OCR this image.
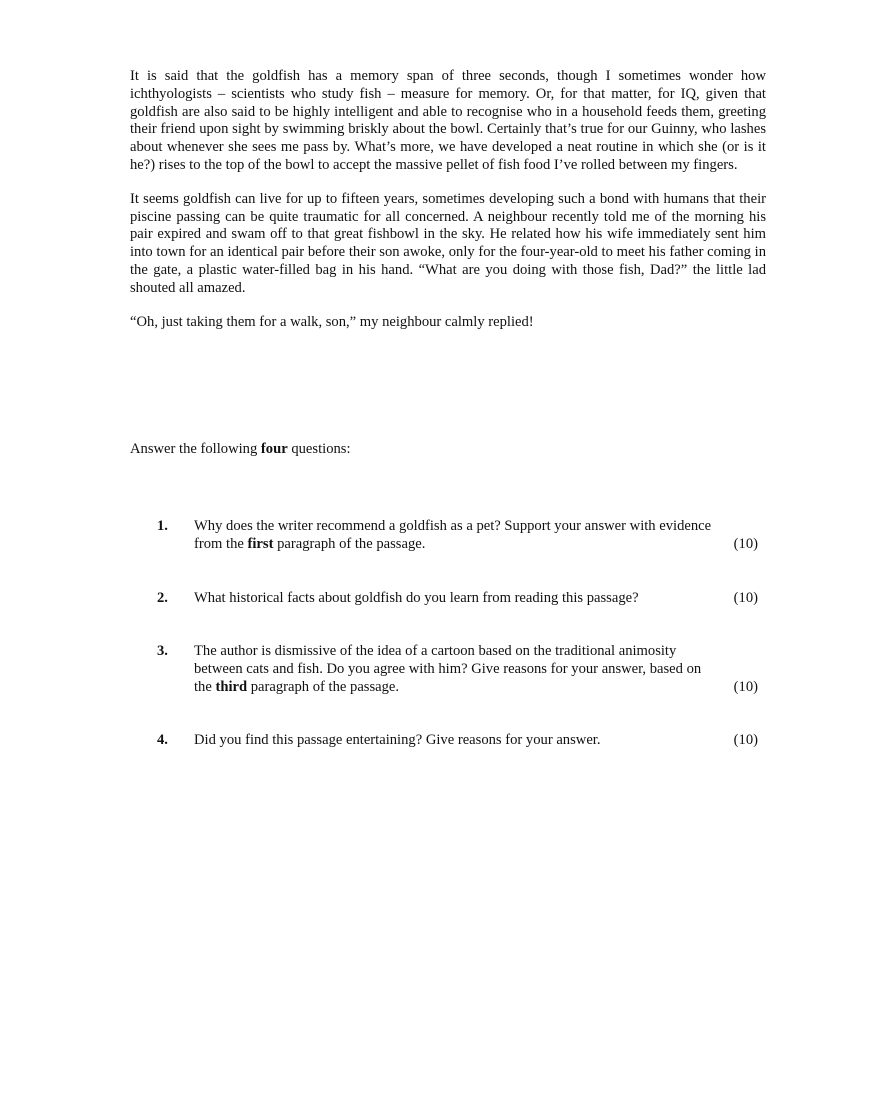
It is said that the goldfish has a memory span of three seconds, though I sometimes wonder how ichthyologists – scientists who study fish – measure for memory. Or, for that matter, for IQ, given that goldfish are also said to be highly intelligent and able to recognise who in a household feeds them, greeting their friend upon sight by swimming briskly about the bowl. Certainly that’s true for our Guinny, who lashes about whenever she sees me pass by. What’s more, we have developed a neat routine in which she (or is it he?) rises to the top of the bowl to accept the massive pellet of fish food I’ve rolled between my fingers.

It seems goldfish can live for up to fifteen years, sometimes developing such a bond with humans that their piscine passing can be quite traumatic for all concerned. A neighbour recently told me of the morning his pair expired and swam off to that great fishbowl in the sky. He related how his wife immediately sent him into town for an identical pair before their son awoke, only for the four-year-old to meet his father coming in the gate, a plastic water-filled bag in his hand. “What are you doing with those fish, Dad?” the little lad shouted all amazed.

“Oh, just taking them for a walk, son,” my neighbour calmly replied!

Answer the following four questions:

1. Why does the writer recommend a goldfish as a pet? Support your answer with evidence
from the first paragraph of the passage.	(10)
2. What historical facts about goldfish do you learn from reading this passage?	(10)
3. The author is dismissive of the idea of a cartoon based on the traditional animosity
between cats and fish. Do you agree with him? Give reasons for your answer, based on
the third paragraph of the passage.	(10)
4. Did you find this passage entertaining? Give reasons for your answer.	(10)
